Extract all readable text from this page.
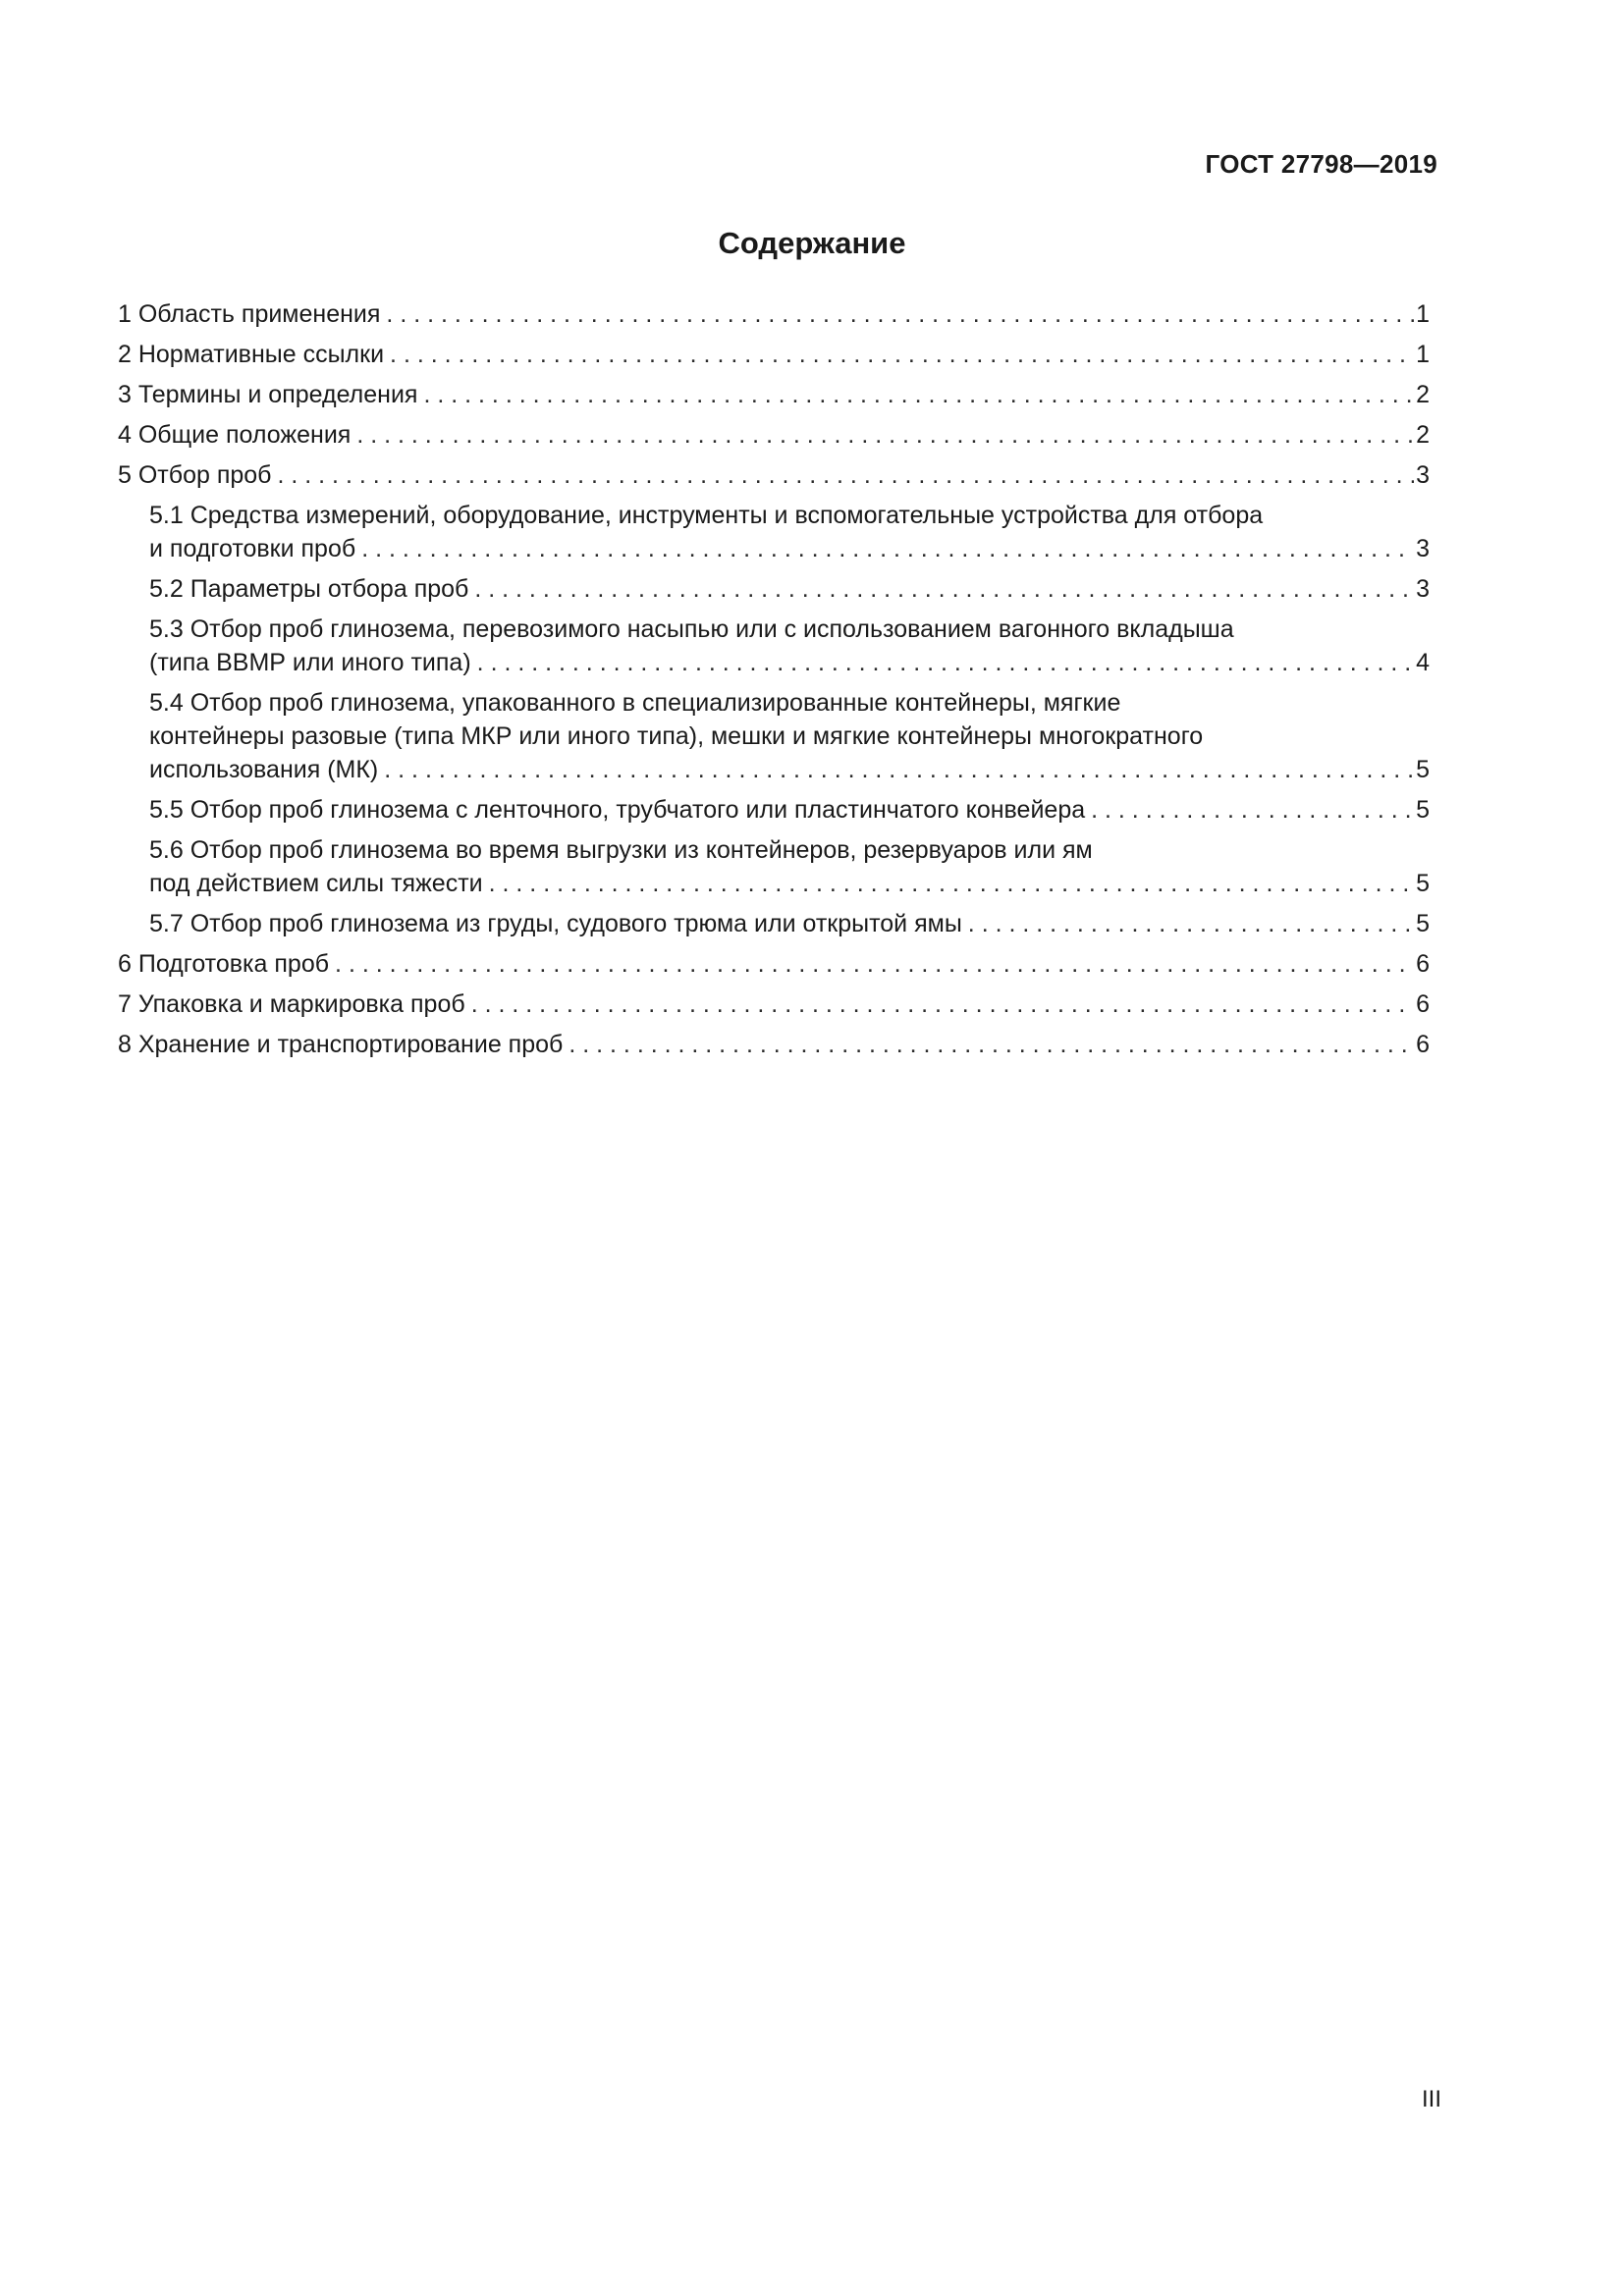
ГОСТ 27798—2019
Содержание
1 Область применения . . .	1
2 Нормативные ссылки . . .	1
3 Термины и определения . . .	2
4 Общие положения . . .	2
5 Отбор проб . . .	3
5.1 Средства измерений, оборудование, инструменты и вспомогательные устройства для отбора
и подготовки проб . . .	3
5.2 Параметры отбора проб . . .	3
5.3 Отбор проб глинозема, перевозимого насыпью или с использованием вагонного вкладыша
(типа ВВМР или иного типа) . . .	4
5.4 Отбор проб глинозема, упакованного в специализированные контейнеры, мягкие
контейнеры разовые (типа МКР или иного типа), мешки и мягкие контейнеры многократного
использования (МК) . . .	5
5.5 Отбор проб глинозема с ленточного, трубчатого или пластинчатого конвейера . . .	5
5.6 Отбор проб глинозема во время выгрузки из контейнеров, резервуаров или ям
под действием силы тяжести . . .	5
5.7 Отбор проб глинозема из груды, судового трюма или открытой ямы . . .	5
6 Подготовка проб . . .	6
7 Упаковка и маркировка проб . . .	6
8 Хранение и транспортирование проб . . .	6
III
